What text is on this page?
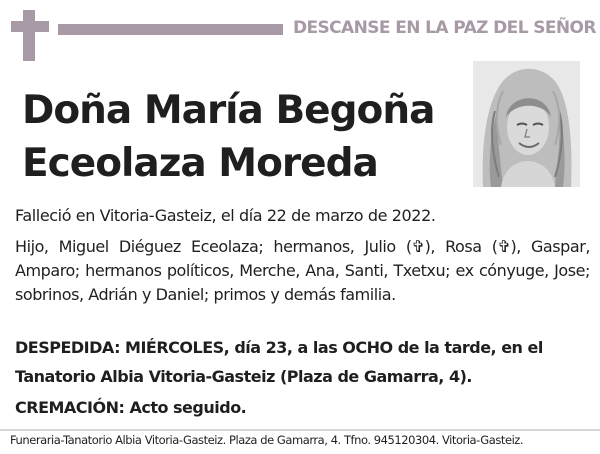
DESCANSE EN LA PAZ DEL SEÑOR
Doña María Begoña
Eceolaza Moreda
Falleció en Vitoria-Gasteiz, el día 22 de marzo de 2022.
Hijo, Miguel Diéguez Eceolaza; hermanos, Julio (✞), Rosa (✞), Gaspar, Amparo; hermanos políticos, Merche, Ana, Santi, Txetxu; ex cónyuge, Jose; sobrinos, Adrián y Daniel; primos y demás familia.
DESPEDIDA: MIÉRCOLES, día 23, a las OCHO de la tarde, en el Tanatorio Albia Vitoria-Gasteiz (Plaza de Gamarra, 4).
CREMACIÓN: Acto seguido.
Funeraria-Tanatorio Albia Vitoria-Gasteiz. Plaza de Gamarra, 4. Tfno. 945120304. Vitoria-Gasteiz.
